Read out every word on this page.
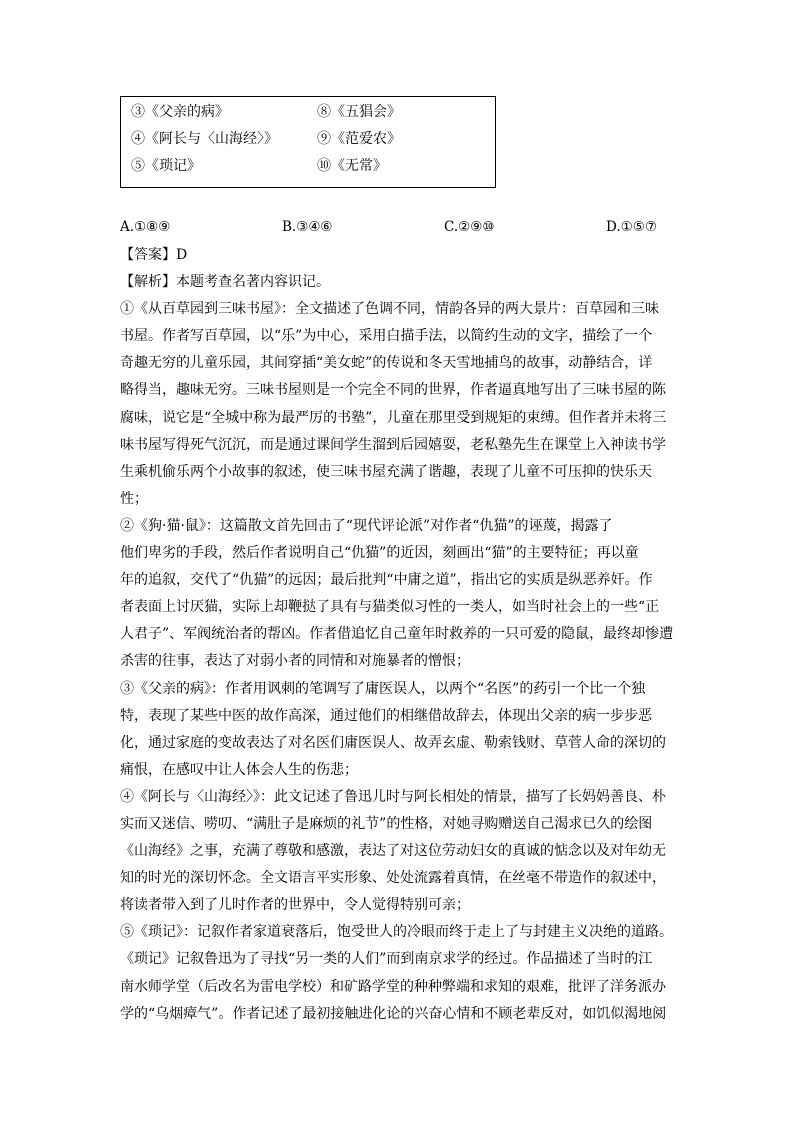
③《父亲的病》	⑧《五猖会》
④《阿长与〈山海经〉》	⑨《范爱农》
⑤《琐记》	⑩《无常》
A.①⑧⑨	B.③④⑥	C.②⑨⑩	D.①⑤⑦
【答案】D
【解析】本题考查名著内容识记。
①《从百草园到三味书屋》：全文描述了色调不同，情韵各异的两大景片：百草园和三味
书屋。作者写百草园，以“乐”为中心，采用白描手法，以简约生动的文字，描绘了一个
奇趣无穷的儿童乐园，其间穿插“美女蛇”的传说和冬天雪地捕鸟的故事，动静结合，详
略得当，趣味无穷。三味书屋则是一个完全不同的世界，作者逼真地写出了三味书屋的陈
腐味，说它是“全城中称为最严厉的书塾”，儿童在那里受到规矩的束缚。但作者并未将三
味书屋写得死气沉沉，而是通过课间学生溜到后园嬉耍，老私塾先生在课堂上入神读书学
生乘机偷乐两个小故事的叙述，使三味书屋充满了谐趣，表现了儿童不可压抑的快乐天
性；
②《狗·猫·鼠》：这篇散文首先回击了“现代评论派”对作者“仇猫”的诬蔑，揭露了
他们卑劣的手段，然后作者说明自己“仇猫”的近因，刻画出“猫”的主要特征；再以童
年的追叙，交代了“仇猫”的远因；最后批判“中庸之道”，指出它的实质是纵恶养奸。作
者表面上讨厌猫，实际上却鞭挞了具有与猫类似习性的一类人，如当时社会上的一些“正
人君子”、军阀统治者的帮凶。作者借追忆自己童年时救养的一只可爱的隐鼠，最终却惨遭
杀害的往事，表达了对弱小者的同情和对施暴者的憎恨；
③《父亲的病》：作者用讽刺的笔调写了庸医误人，以两个“名医”的药引一个比一个独
特，表现了某些中医的故作高深，通过他们的相继借故辞去，体现出父亲的病一步步恶
化，通过家庭的变故表达了对名医们庸医误人、故弄玄虚、勒索钱财、草菅人命的深切的
痛恨，在感叹中让人体会人生的伤悲；
④《阿长与〈山海经〉》：此文记述了鲁迅儿时与阿长相处的情景，描写了长妈妈善良、朴
实而又迷信、唠叨、“满肚子是麻烦的礼节”的性格，对她寻购赠送自己渴求已久的绘图
《山海经》之事，充满了尊敬和感激，表达了对这位劳动妇女的真诚的惦念以及对年幼无
知的时光的深切怀念。全文语言平实形象、处处流露着真情，在丝毫不带造作的叙述中，
将读者带入到了儿时作者的世界中，令人觉得特别可亲；
⑤《琐记》：记叙作者家道衰落后，饱受世人的冷眼而终于走上了与封建主义决绝的道路。
《琐记》记叙鲁迅为了寻找“另一类的人们”而到南京求学的经过。作品描述了当时的江
南水师学堂（后改名为雷电学校）和矿路学堂的种种弊端和求知的艰难，批评了洋务派办
学的“乌烟瘴气”。作者记述了最初接触进化论的兴奋心情和不顾老辈反对，如饥似渴地阅
